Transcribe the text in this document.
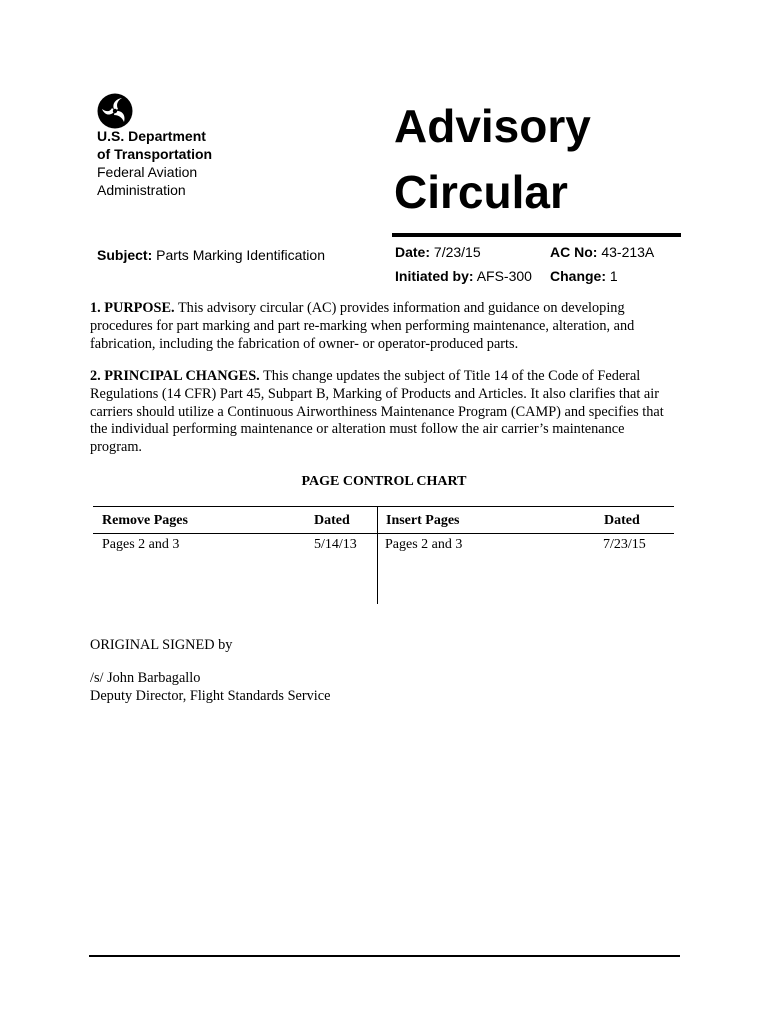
U.S. Department
of Transportation
Federal Aviation
Administration
Advisory
Circular
Subject: Parts Marking Identification	Date: 7/23/15	AC No: 43-213A
Initiated by: AFS-300 Change: 1
1. PURPOSE. This advisory circular (AC) provides information and guidance on developing procedures for part marking and part re-marking when performing maintenance, alteration, and fabrication, including the fabrication of owner- or operator-produced parts.
2. PRINCIPAL CHANGES. This change updates the subject of Title 14 of the Code of Federal Regulations (14 CFR) Part 45, Subpart B, Marking of Products and Articles. It also clarifies that air carriers should utilize a Continuous Airworthiness Maintenance Program (CAMP) and specifies that the individual performing maintenance or alteration must follow the air carrier’s maintenance program.
PAGE CONTROL CHART
Remove Pages	Dated	Insert Pages	Dated
Pages 2 and 3	5/14/13 Pages 2 and 3	7/23/15
ORIGINAL SIGNED by
/s/ John Barbagallo
Deputy Director, Flight Standards Service
